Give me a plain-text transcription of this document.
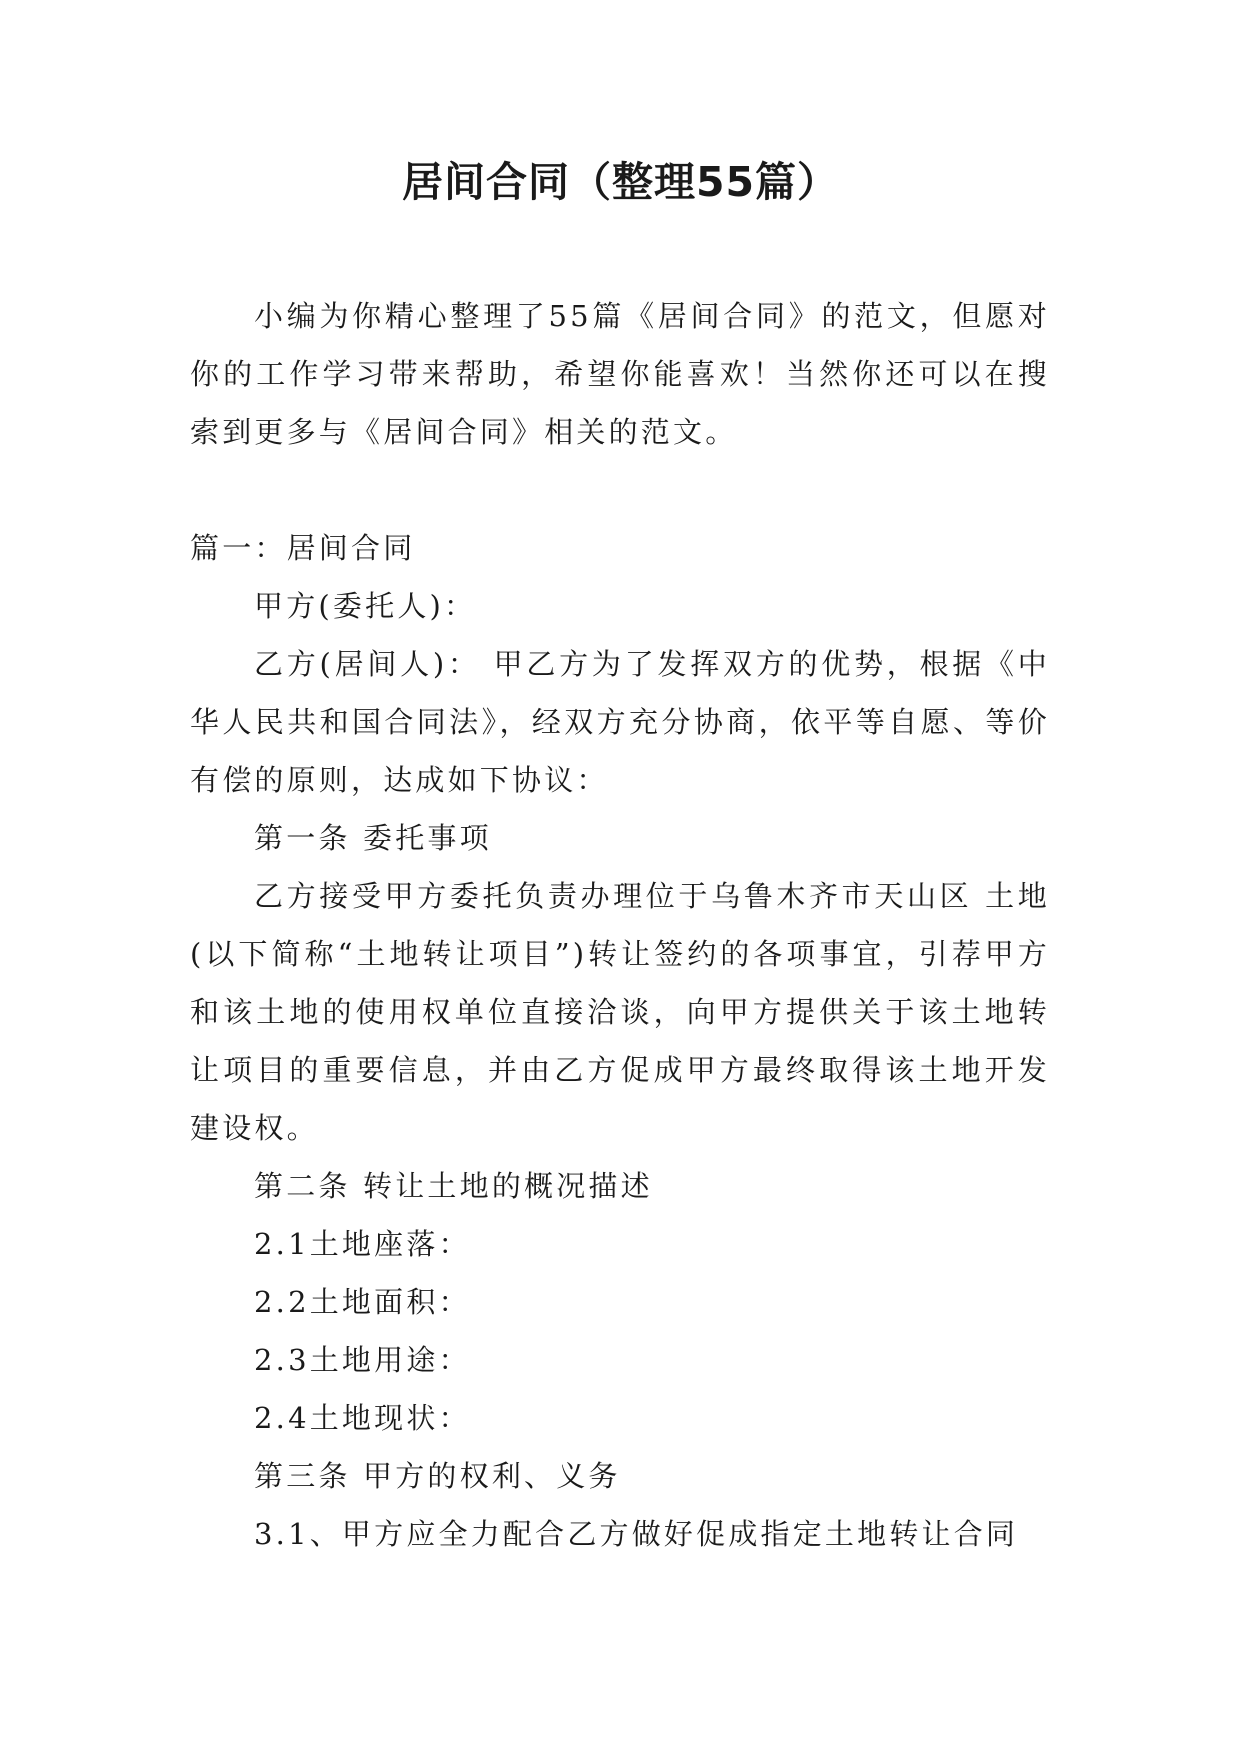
居间合同（整理55篇）

小编为你精心整理了55篇《居间合同》的范文，但愿对你的工作学习带来帮助，希望你能喜欢！当然你还可以在搜索到更多与《居间合同》相关的范文。

篇一：居间合同

甲方(委托人)：

乙方(居间人)： 甲乙方为了发挥双方的优势，根据《中华人民共和国合同法》，经双方充分协商，依平等自愿、等价有偿的原则，达成如下协议：

第一条 委托事项

乙方接受甲方委托负责办理位于乌鲁木齐市天山区 土地(以下简称“土地转让项目”)转让签约的各项事宜，引荐甲方和该土地的使用权单位直接洽谈，向甲方提供关于该土地转让项目的重要信息，并由乙方促成甲方最终取得该土地开发建设权。

第二条 转让土地的概况描述

2.1土地座落：

2.2土地面积：

2.3土地用途：

2.4土地现状：

第三条 甲方的权利、义务

3.1、甲方应全力配合乙方做好促成指定土地转让合同
